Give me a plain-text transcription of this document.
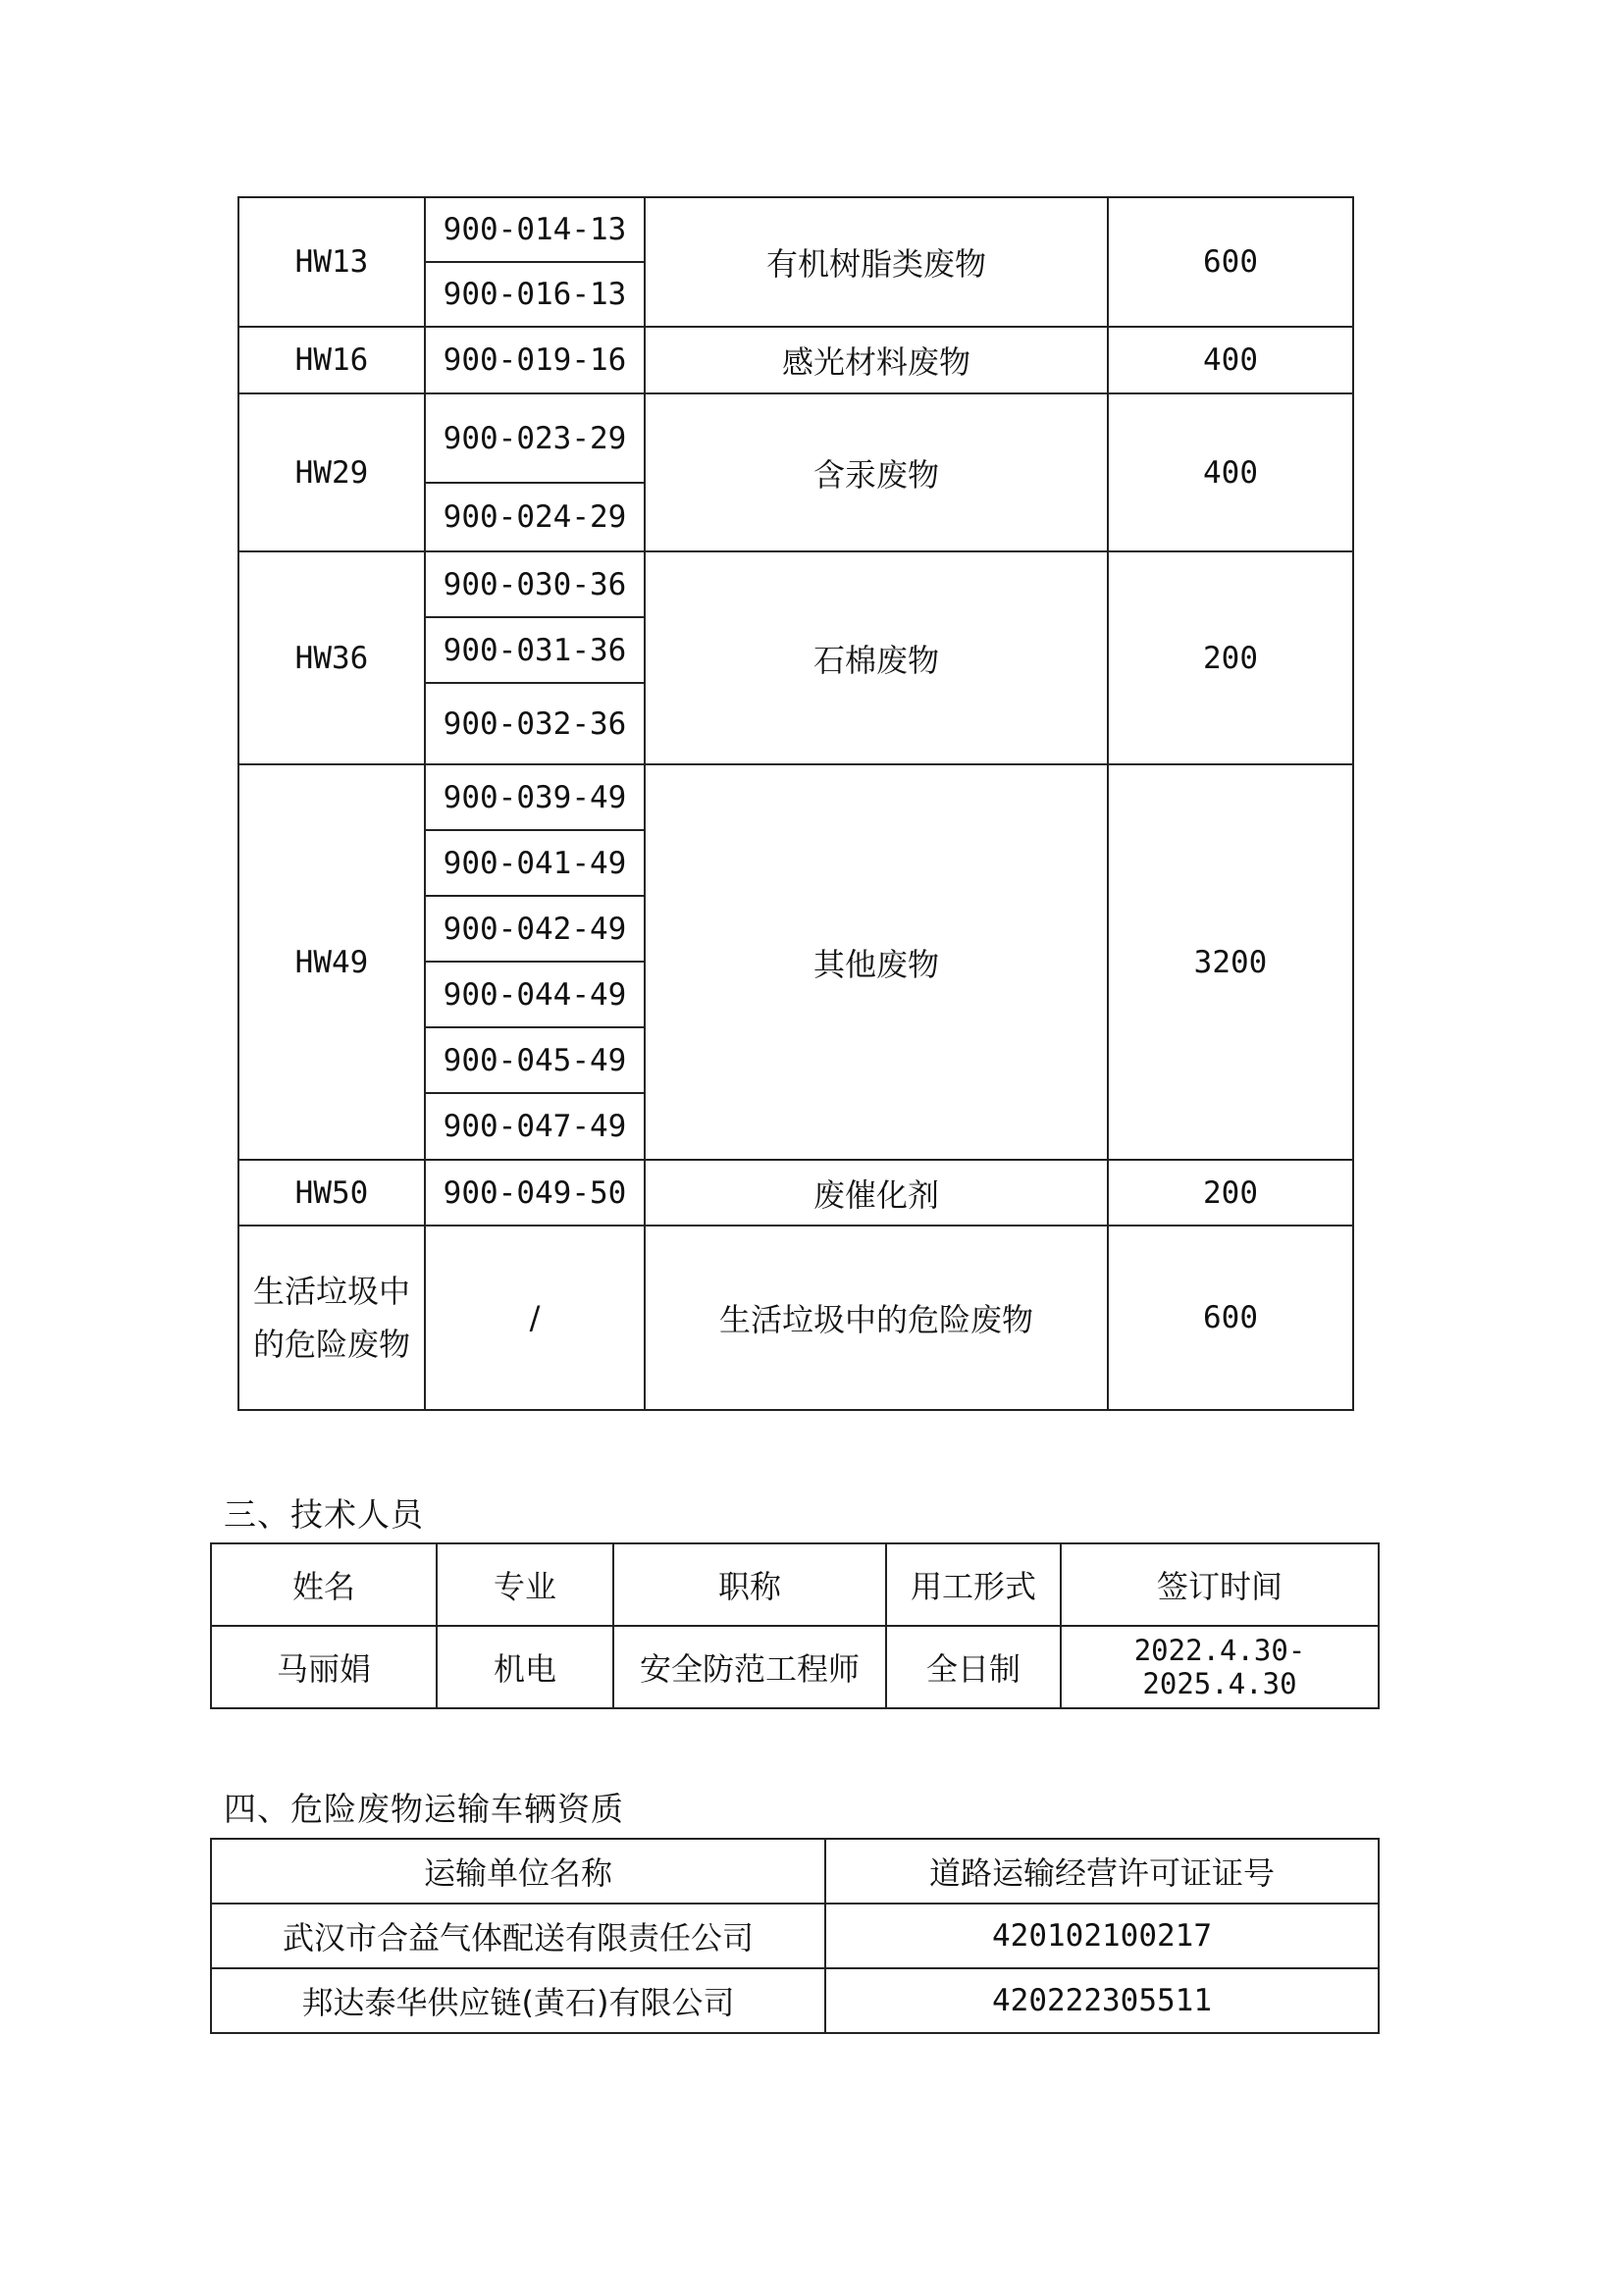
HW13	900-014-13	有机树脂类废物	600
	900-016-13		
HW16	900-019-16	感光材料废物	400
HW29	900-023-29	含汞废物	400
	900-024-29		
HW36	900-030-36	石棉废物	200
	900-031-36		
	900-032-36		
HW49	900-039-49	其他废物	3200
	900-041-49		
	900-042-49		
	900-044-49		
	900-045-49		
	900-047-49		
HW50	900-049-50	废催化剂	200
生活垃圾中的危险废物	/	生活垃圾中的危险废物	600
三、技术人员
姓名	专业	职称	用工形式	签订时间
马丽娟	机电	安全防范工程师	全日制	2022.4.30-2025.4.30
四、危险废物运输车辆资质
运输单位名称	道路运输经营许可证证号
武汉市合益气体配送有限责任公司	420102100217
邦达泰华供应链(黄石)有限公司	420222305511
